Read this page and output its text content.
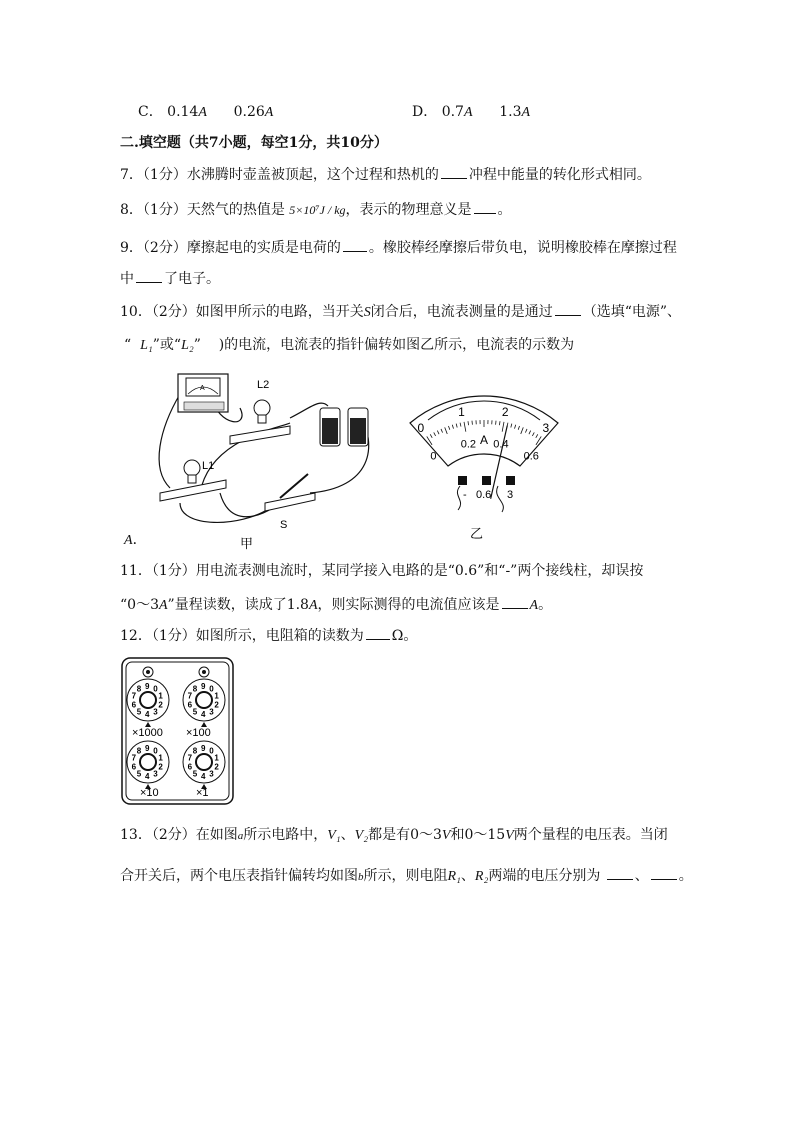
C． 0.14A 0.26A	D． 0.7A 1.3A
二.填空题（共7小题，每空1分，共10分）
7．（1分）水沸腾时壶盖被顶起，这个过程和热机的 冲程中能量的转化形式相同。
8．（1分）天然气的热值是 5×10⁷J / kg，表示的物理意义是 。
9．（2分）摩擦起电的实质是电荷的 。橡胶棒经摩擦后带负电，说明橡胶棒在摩擦过程
中 了电子。
10．（2分）如图甲所示的电路，当开关S闭合后，电流表测量的是通过 （选填“电源”、
“ L₁”或“L₂” )的电流，电流表的指针偏转如图乙所示，电流表的示数为
A	L2
L1
S
甲
0
1	2
3
0
0.2 0.4
0.6
A
- 0.6 3
乙
A．
11．（1分）用电流表测电流时，某同学接入电路的是“0.6”和“-”两个接线柱，却误按
“0～3A”量程读数，读成了1.8A，则实际测得的电流值应该是 A。
12．（1分）如图所示，电阻箱的读数为 Ω。
9 0
1
2
3
4
5
6
7
8	9 0
1
2
3
4
5
6
7
8
9 0
1
2
3
4
5
6
7
8	9 0
1
2
3
4
5
6
7
8
×1000 ×100
×10	×1
13．（2分）在如图a所示电路中，V₁、V₂都是有0～3V和0～15V两个量程的电压表。当闭
合开关后，两个电压表指针偏转均如图b所示，则电阻R₁、R₂两端的电压分别为 、 。
